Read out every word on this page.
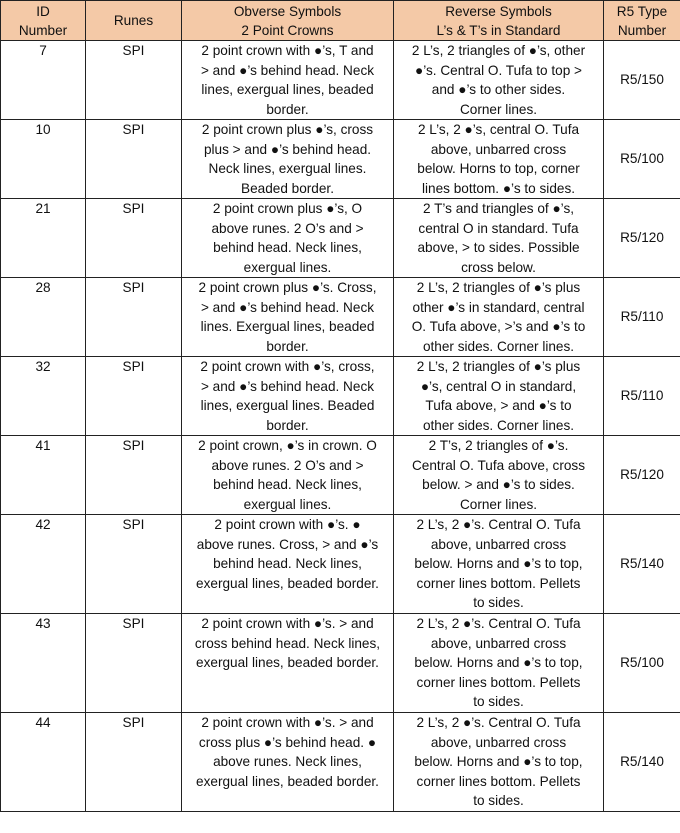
ID
Number	Runes	Obverse Symbols
2 Point Crowns	Reverse Symbols
L’s & T’s in Standard	R5 Type
Number
7	SPI	2 point crown with ●’s, T and
> and ●’s behind head. Neck
lines, exergual lines, beaded
border.	2 L’s, 2 triangles of ●’s, other
●’s. Central O. Tufa to top >
and ●’s to other sides.
Corner lines.	R5/150
10	SPI	2 point crown plus ●’s, cross
plus > and ●’s behind head.
Neck lines, exergual lines.
Beaded border.	2 L’s, 2 ●’s, central O. Tufa
above, unbarred cross
below. Horns to top, corner
lines bottom. ●’s to sides.	R5/100
21	SPI	2 point crown plus ●’s, O
above runes. 2 O’s and >
behind head. Neck lines,
exergual lines.	2 T’s and triangles of ●’s,
central O in standard. Tufa
above, > to sides. Possible
cross below.	R5/120
28	SPI	2 point crown plus ●’s. Cross,
> and ●’s behind head. Neck
lines. Exergual lines, beaded
border.	2 L’s, 2 triangles of ●’s plus
other ●’s in standard, central
O. Tufa above, >’s and ●’s to
other sides. Corner lines.	R5/110
32	SPI	2 point crown with ●’s, cross,
> and ●’s behind head. Neck
lines, exergual lines. Beaded
border.	2 L’s, 2 triangles of ●’s plus
●’s, central O in standard,
Tufa above, > and ●’s to
other sides. Corner lines.	R5/110
41	SPI	2 point crown, ●’s in crown. O
above runes. 2 O’s and >
behind head. Neck lines,
exergual lines.	2 T’s, 2 triangles of ●’s.
Central O. Tufa above, cross
below. > and ●’s to sides.
Corner lines.	R5/120
42	SPI	2 point crown with ●’s. ●
above runes. Cross, > and ●’s
behind head. Neck lines,
exergual lines, beaded border.	2 L’s, 2 ●’s. Central O. Tufa
above, unbarred cross
below. Horns and ●’s to top,
corner lines bottom. Pellets
to sides.	R5/140
43	SPI	2 point crown with ●’s. > and
cross behind head. Neck lines,
exergual lines, beaded border.	2 L’s, 2 ●’s. Central O. Tufa
above, unbarred cross
below. Horns and ●’s to top,
corner lines bottom. Pellets
to sides.	R5/100
44	SPI	2 point crown with ●’s. > and
cross plus ●’s behind head. ●
above runes. Neck lines,
exergual lines, beaded border.	2 L’s, 2 ●’s. Central O. Tufa
above, unbarred cross
below. Horns and ●’s to top,
corner lines bottom. Pellets
to sides.	R5/140
